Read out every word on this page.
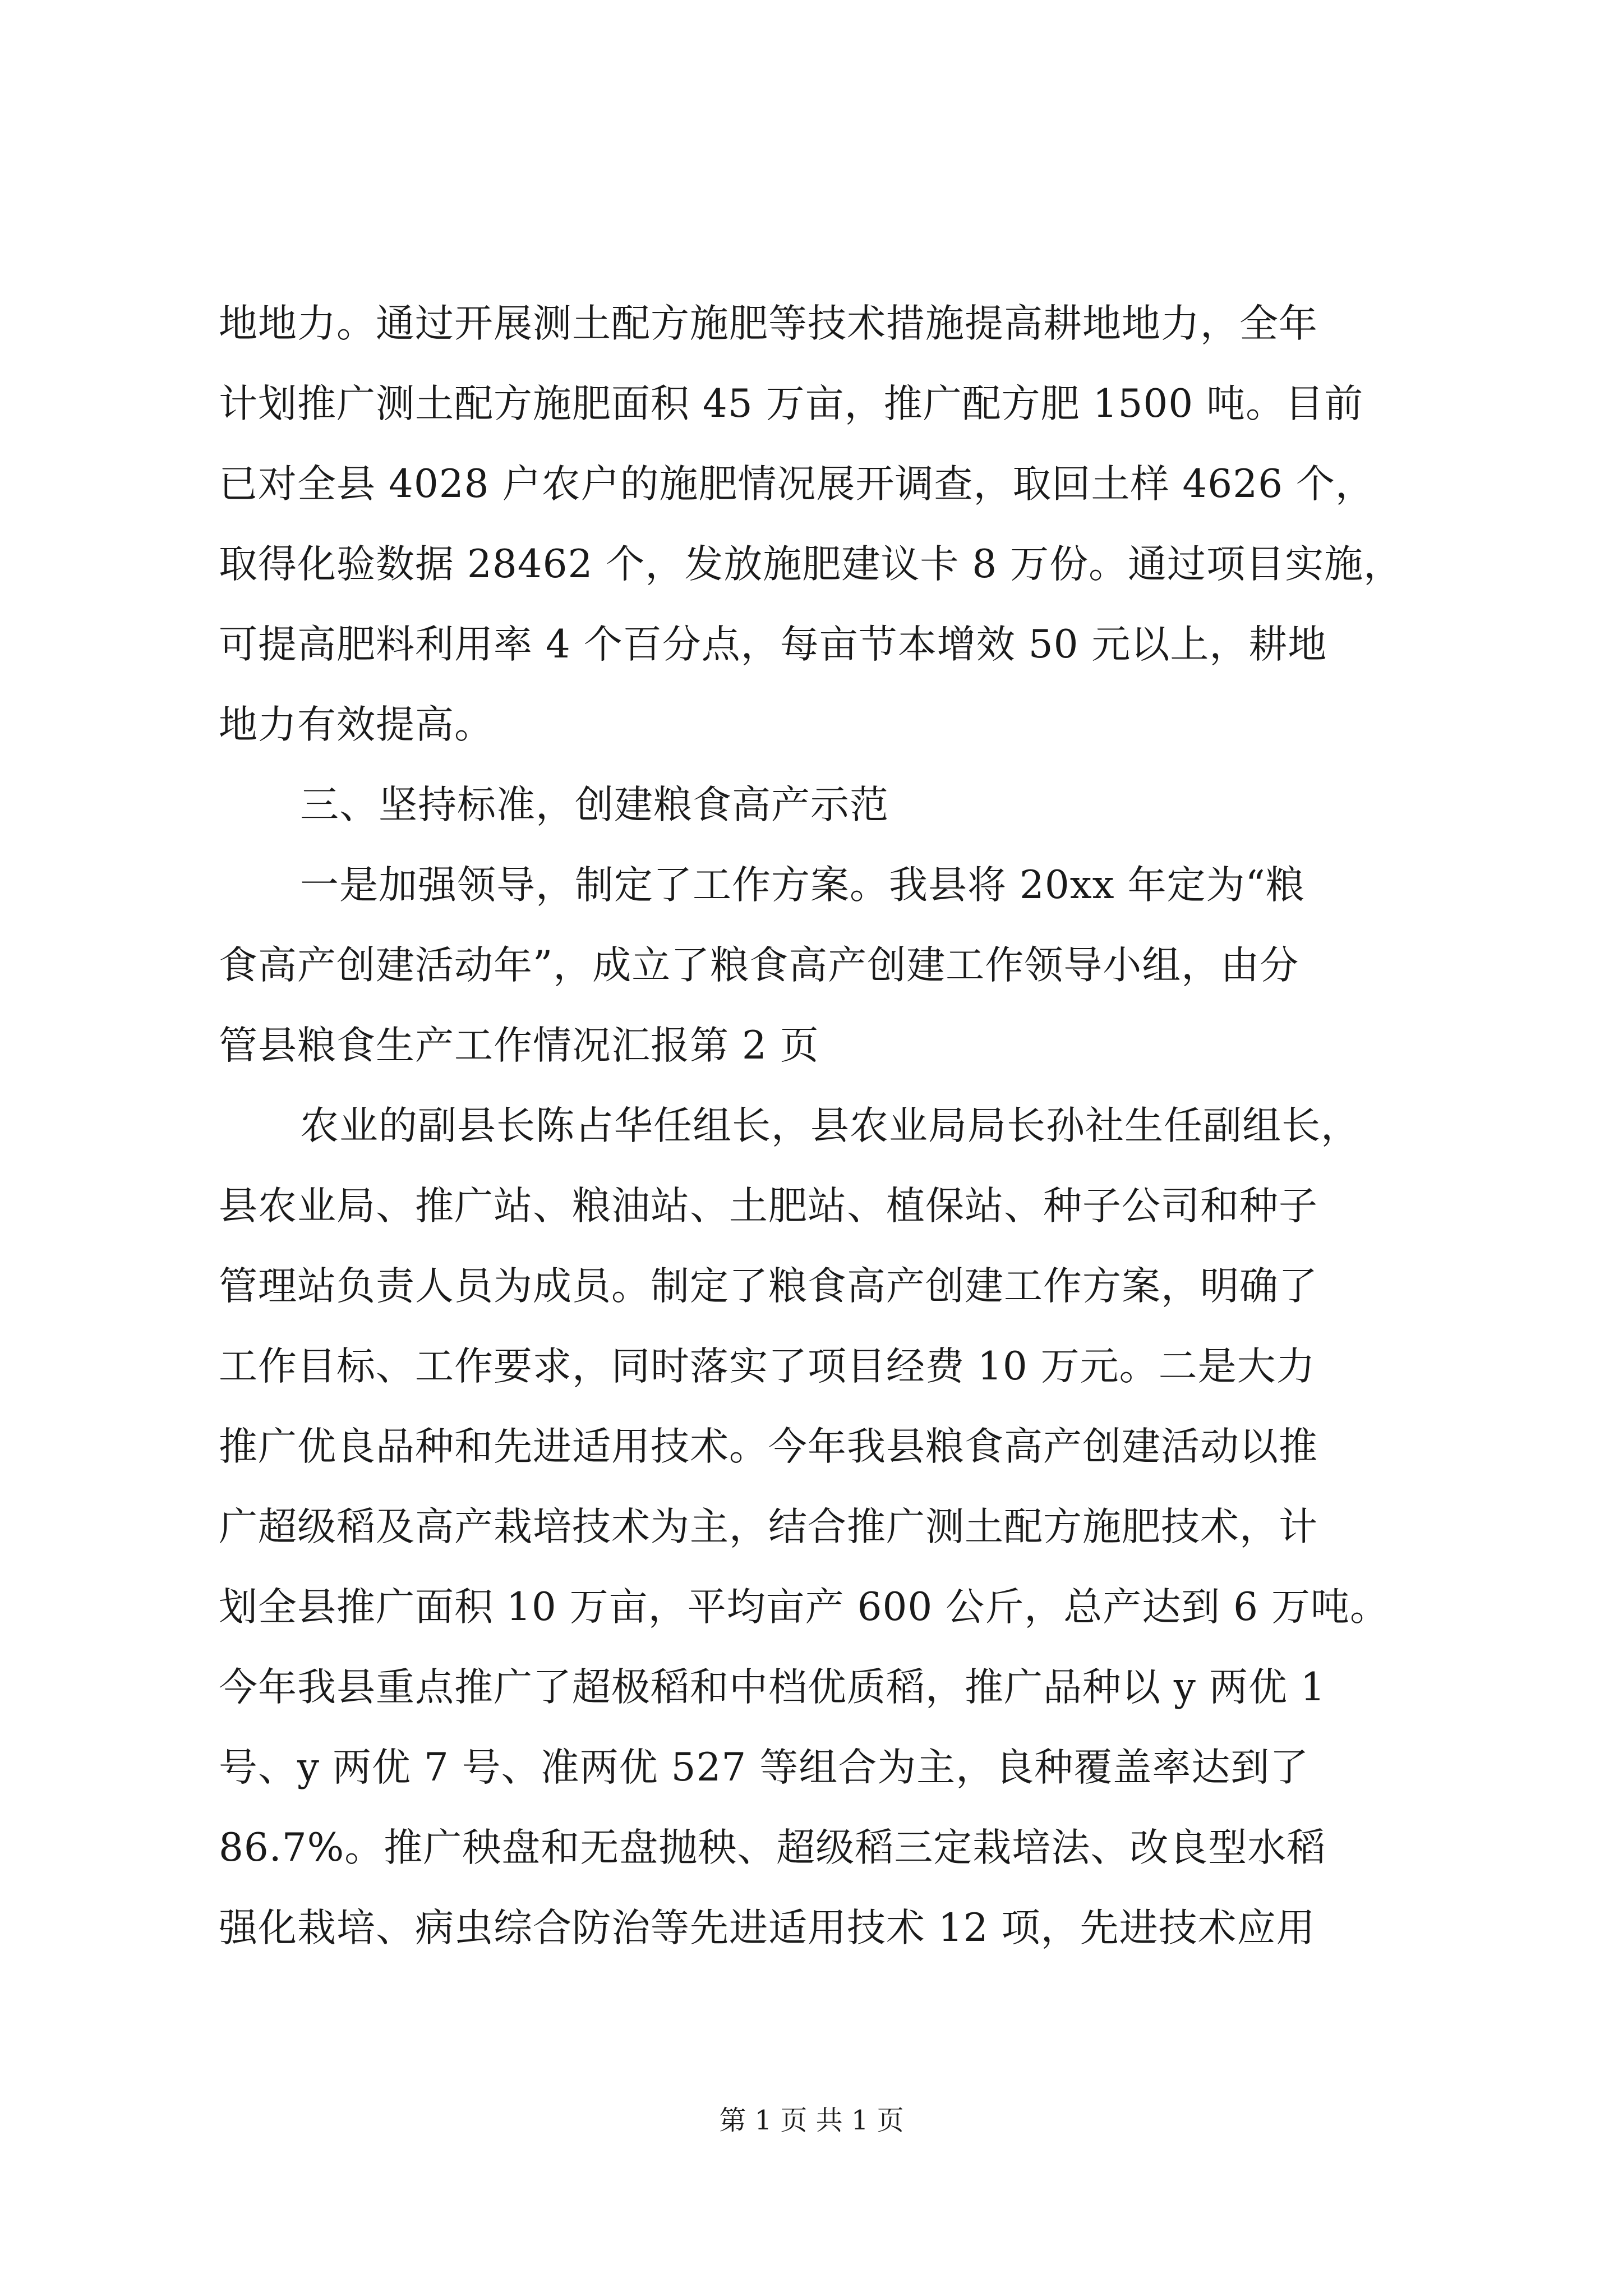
地地力。通过开展测土配方施肥等技术措施提高耕地地力，全年
计划推广测土配方施肥面积 45 万亩，推广配方肥 1500 吨。目前
已对全县 4028 户农户的施肥情况展开调查，取回土样 4626 个，
取得化验数据 28462 个，发放施肥建议卡 8 万份。通过项目实施，
可提高肥料利用率 4 个百分点，每亩节本增效 50 元以上，耕地
地力有效提高。
三、坚持标准，创建粮食高产示范
一是加强领导，制定了工作方案。我县将 20xx 年定为“粮
食高产创建活动年”，成立了粮食高产创建工作领导小组，由分
管县粮食生产工作情况汇报第 2 页
农业的副县长陈占华任组长，县农业局局长孙社生任副组长，
县农业局、推广站、粮油站、土肥站、植保站、种子公司和种子
管理站负责人员为成员。制定了粮食高产创建工作方案，明确了
工作目标、工作要求，同时落实了项目经费 10 万元。二是大力
推广优良品种和先进适用技术。今年我县粮食高产创建活动以推
广超级稻及高产栽培技术为主，结合推广测土配方施肥技术，计
划全县推广面积 10 万亩，平均亩产 600 公斤，总产达到 6 万吨。
今年我县重点推广了超极稻和中档优质稻，推广品种以 y 两优 1
号、y 两优 7 号、准两优 527 等组合为主，良种覆盖率达到了
86.7%。推广秧盘和无盘抛秧、超级稻三定栽培法、改良型水稻
强化栽培、病虫综合防治等先进适用技术 12 项，先进技术应用
第 1 页 共 1 页
